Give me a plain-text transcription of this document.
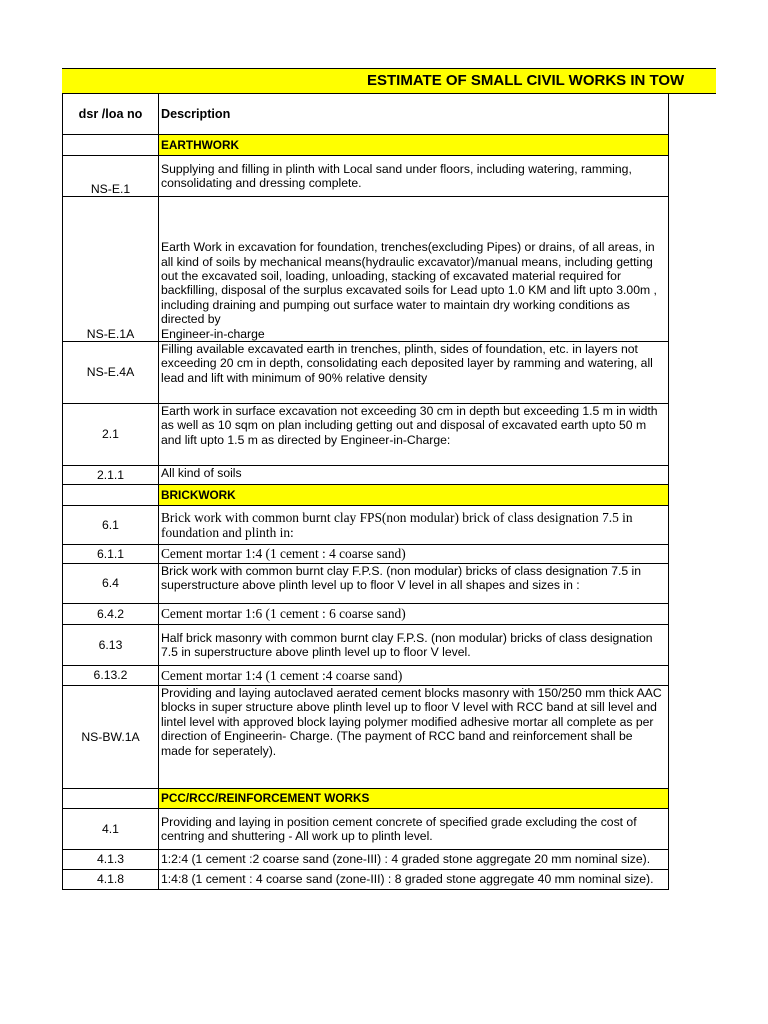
ESTIMATE OF SMALL CIVIL WORKS IN TOW
dsr /loa no	Description
	EARTHWORK
NS-E.1	Supplying and filling in plinth with Local sand under floors, including watering, ramming, consolidating and dressing complete.
NS-E.1A	Earth Work in excavation for foundation, trenches(excluding Pipes) or drains, of all areas, in all kind of soils by mechanical means(hydraulic excavator)/manual means, including getting out the excavated soil, loading, unloading, stacking of excavated material required for backfilling, disposal of the surplus excavated soils for Lead upto 1.0 KM and lift upto 3.00m , including draining and pumping out surface water to maintain dry working conditions as directed by
Engineer-in-charge
NS-E.4A	Filling available excavated earth in trenches, plinth, sides of foundation, etc. in layers not exceeding 20 cm in depth, consolidating each deposited layer by ramming and watering, all lead and lift with minimum of 90% relative density
2.1	Earth work in surface excavation not exceeding 30 cm in depth but exceeding 1.5 m in width as well as 10 sqm on plan including getting out and disposal of excavated earth upto 50 m and lift upto 1.5 m as directed by Engineer-in-Charge:
2.1.1	All kind of soils
	BRICKWORK
6.1	Brick work with common burnt clay FPS(non modular) brick of class designation 7.5 in foundation and plinth in:
6.1.1	Cement mortar 1:4 (1 cement : 4 coarse sand)
6.4	Brick work with common burnt clay F.P.S. (non modular) bricks of class designation 7.5 in superstructure above plinth level up to floor V level in all shapes and sizes in :
6.4.2	Cement mortar 1:6 (1 cement : 6 coarse sand)
6.13	Half brick masonry with common burnt clay F.P.S. (non modular) bricks of class designation 7.5 in superstructure above plinth level up to floor V level.
6.13.2	Cement mortar 1:4 (1 cement :4 coarse sand)
NS-BW.1A	Providing and laying autoclaved aerated cement blocks masonry with 150/250 mm thick AAC blocks in super structure above plinth level up to floor V level with RCC band at sill level and lintel level with approved block laying polymer modified adhesive mortar all complete as per direction of Engineerin- Charge. (The payment of RCC band and reinforcement shall be made for seperately).
	PCC/RCC/REINFORCEMENT WORKS
4.1	Providing and laying in position cement concrete of specified grade excluding the cost of centring and shuttering - All work up to plinth level.
4.1.3	1:2:4 (1 cement :2 coarse sand (zone-III) : 4 graded stone aggregate 20 mm nominal size).
4.1.8	1:4:8 (1 cement : 4 coarse sand (zone-III) : 8 graded stone aggregate 40 mm nominal size).
